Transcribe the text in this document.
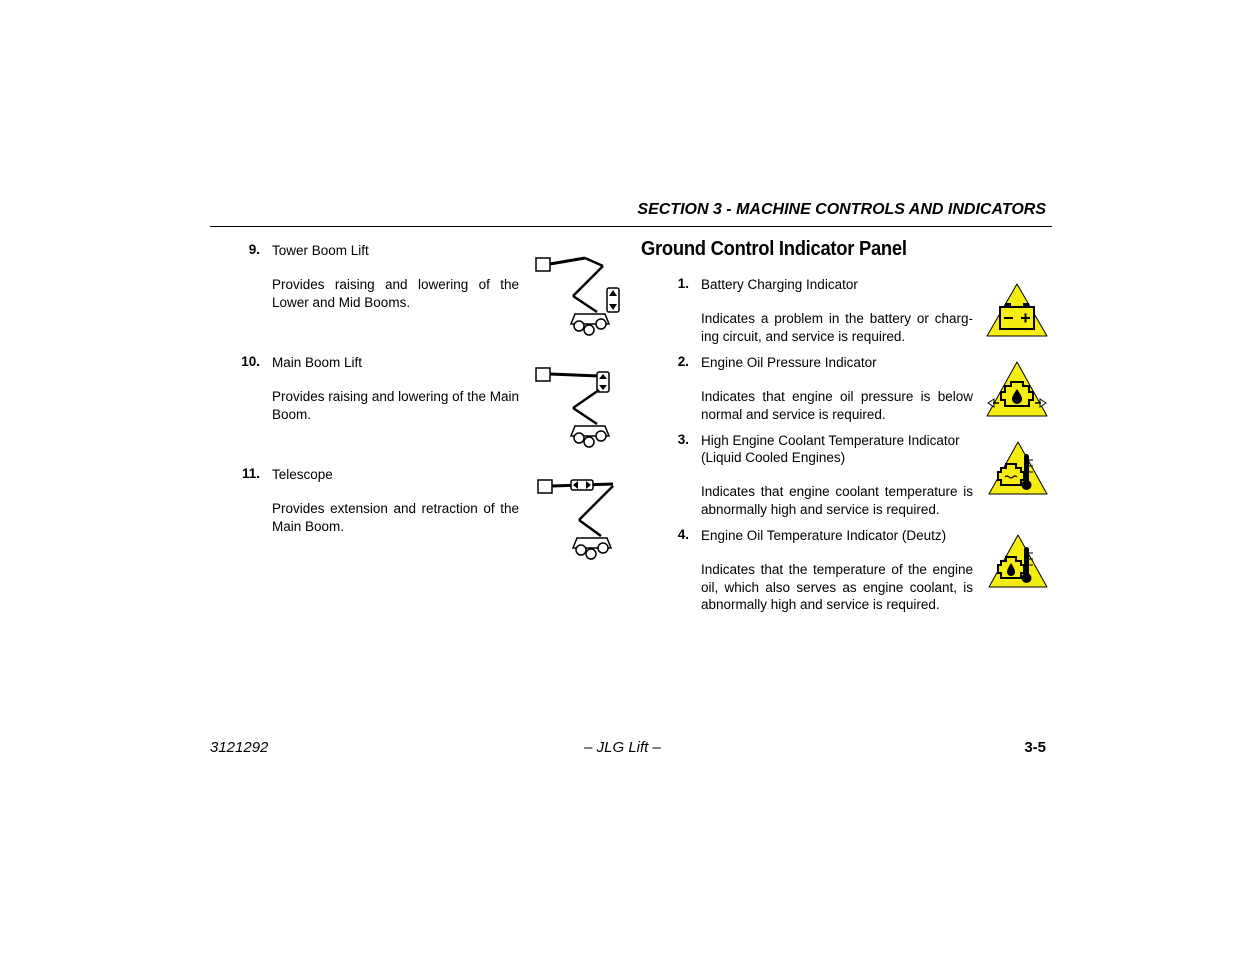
SECTION 3 - MACHINE CONTROLS AND INDICATORS
9. Tower Boom Lift
Provides raising and lowering of the Lower and Mid Booms.
10. Main Boom Lift
Provides raising and lowering of the Main Boom.
11. Telescope
Provides extension and retraction of the Main Boom.
Ground Control Indicator Panel
1. Battery Charging Indicator
Indicates a problem in the battery or charg-ing circuit, and service is required.
2. Engine Oil Pressure Indicator
Indicates that engine oil pressure is below normal and service is required.
3. High Engine Coolant Temperature Indicator (Liquid Cooled Engines)
Indicates that engine coolant temperature is abnormally high and service is required.
4. Engine Oil Temperature Indicator (Deutz)
Indicates that the temperature of the engine oil, which also serves as engine coolant, is abnormally high and service is required.
3121292	– JLG Lift –	3-5
